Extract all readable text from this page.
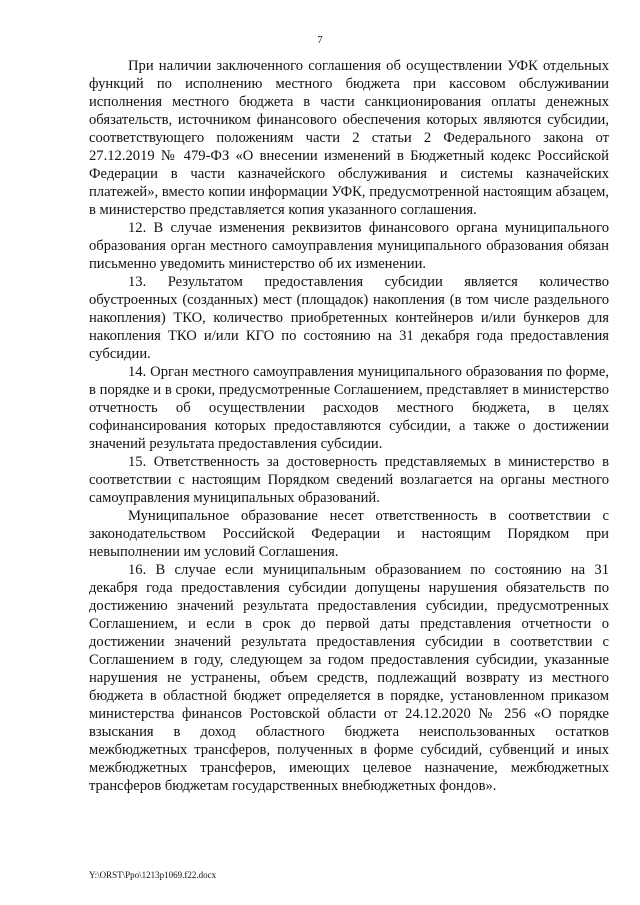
7

При наличии заключенного соглашения об осуществлении УФК отдельных функций по исполнению местного бюджета при кассовом обслуживании исполнения местного бюджета в части санкционирования оплаты денежных обязательств, источником финансового обеспечения которых являются субсидии, соответствующего положениям части 2 статьи 2 Федерального закона от 27.12.2019 № 479-ФЗ «О внесении изменений в Бюджетный кодекс Российской Федерации в части казначейского обслуживания и системы казначейских платежей», вместо копии информации УФК, предусмотренной настоящим абзацем, в министерство представляется копия указанного соглашения.

12. В случае изменения реквизитов финансового органа муниципального образования орган местного самоуправления муниципального образования обязан письменно уведомить министерство об их изменении.

13. Результатом предоставления субсидии является количество обустроенных (созданных) мест (площадок) накопления (в том числе раздельного накопления) ТКО, количество приобретенных контейнеров и/или бункеров для накопления ТКО и/или КГО по состоянию на 31 декабря года предоставления субсидии.

14. Орган местного самоуправления муниципального образования по форме, в порядке и в сроки, предусмотренные Соглашением, представляет в министерство отчетность об осуществлении расходов местного бюджета, в целях софинансирования которых предоставляются субсидии, а также о достижении значений результата предоставления субсидии.

15. Ответственность за достоверность представляемых в министерство в соответствии с настоящим Порядком сведений возлагается на органы местного самоуправления муниципальных образований.

Муниципальное образование несет ответственность в соответствии с законодательством Российской Федерации и настоящим Порядком при невыполнении им условий Соглашения.

16. В случае если муниципальным образованием по состоянию на 31 декабря года предоставления субсидии допущены нарушения обязательств по достижению значений результата предоставления субсидии, предусмотренных Соглашением, и если в срок до первой даты представления отчетности о достижении значений результата предоставления субсидии в соответствии с Соглашением в году, следующем за годом предоставления субсидии, указанные нарушения не устранены, объем средств, подлежащий возврату из местного бюджета в областной бюджет определяется в порядке, установленном приказом министерства финансов Ростовской области от 24.12.2020 № 256 «О порядке взыскания в доход областного бюджета неиспользованных остатков межбюджетных трансферов, полученных в форме субсидий, субвенций и иных межбюджетных трансферов, имеющих целевое назначение, межбюджетных трансферов бюджетам государственных внебюджетных фондов».

Y:\ORST\Ppo\1213p1069.f22.docx
